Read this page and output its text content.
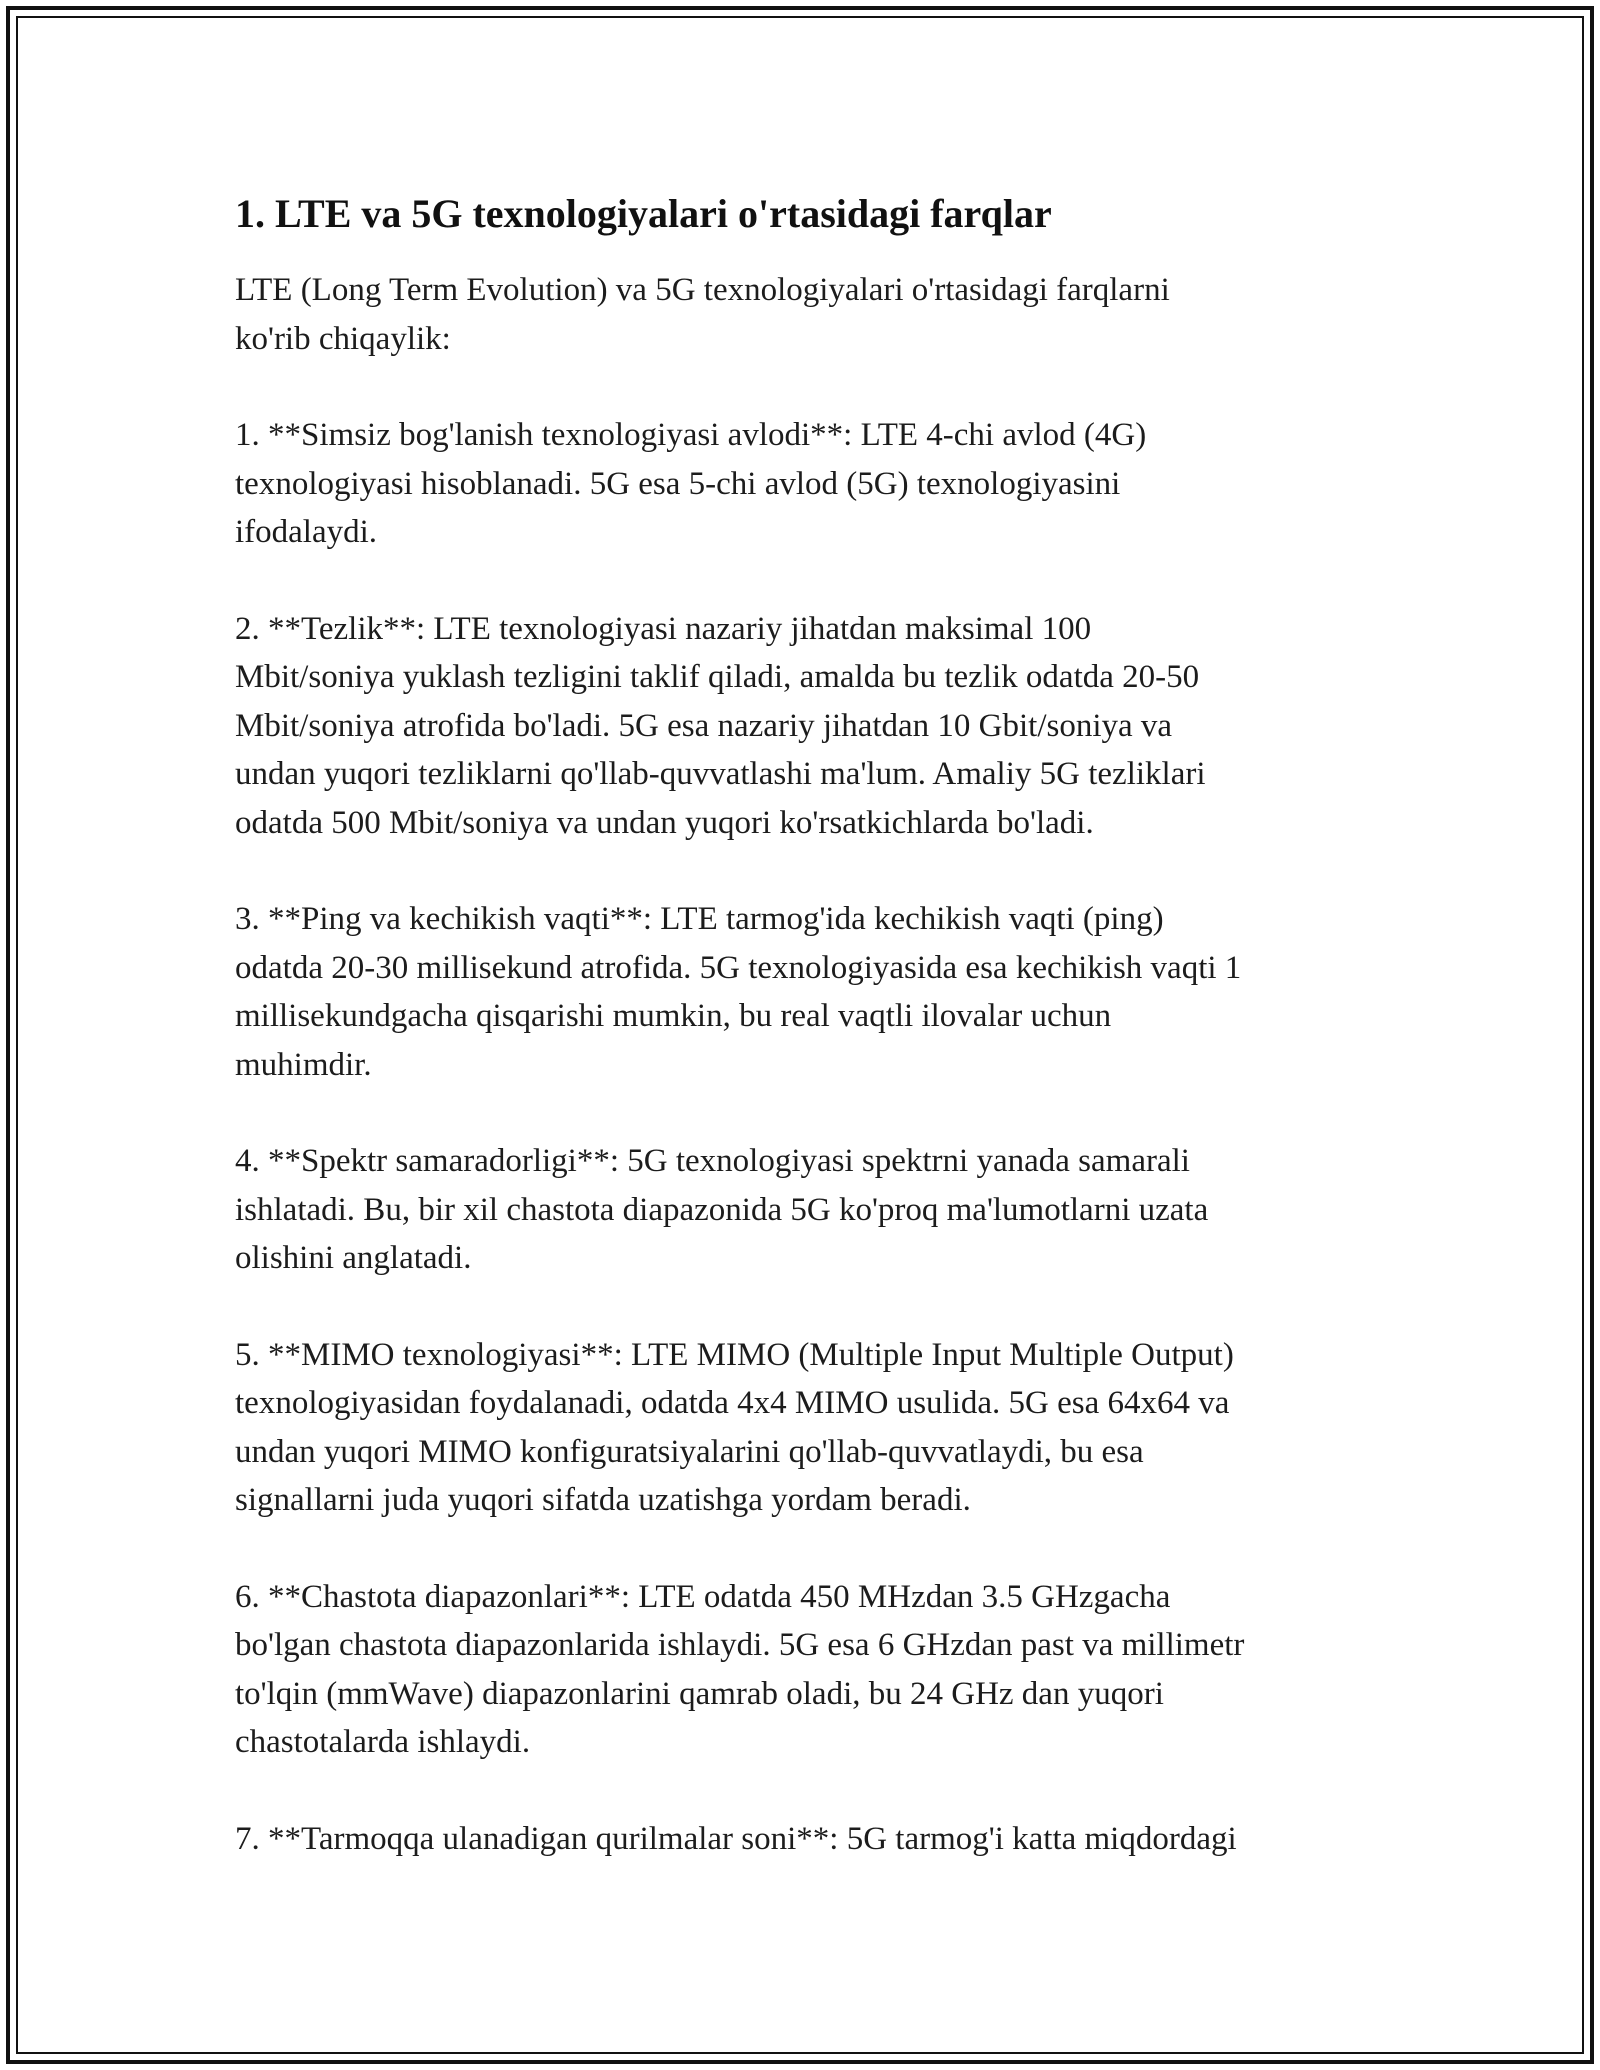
1. LTE va 5G texnologiyalari o'rtasidagi farqlar

LTE (Long Term Evolution) va 5G texnologiyalari o'rtasidagi farqlarni
ko'rib chiqaylik:

1. **Simsiz bog'lanish texnologiyasi avlodi**: LTE 4-chi avlod (4G)
texnologiyasi hisoblanadi. 5G esa 5-chi avlod (5G) texnologiyasini
ifodalaydi.

2. **Tezlik**: LTE texnologiyasi nazariy jihatdan maksimal 100
Mbit/soniya yuklash tezligini taklif qiladi, amalda bu tezlik odatda 20-50
Mbit/soniya atrofida bo'ladi. 5G esa nazariy jihatdan 10 Gbit/soniya va
undan yuqori tezliklarni qo'llab-quvvatlashi ma'lum. Amaliy 5G tezliklari
odatda 500 Mbit/soniya va undan yuqori ko'rsatkichlarda bo'ladi.

3. **Ping va kechikish vaqti**: LTE tarmog'ida kechikish vaqti (ping)
odatda 20-30 millisekund atrofida. 5G texnologiyasida esa kechikish vaqti 1
millisekundgacha qisqarishi mumkin, bu real vaqtli ilovalar uchun
muhimdir.

4. **Spektr samaradorligi**: 5G texnologiyasi spektrni yanada samarali
ishlatadi. Bu, bir xil chastota diapazonida 5G ko'proq ma'lumotlarni uzata
olishini anglatadi.

5. **MIMO texnologiyasi**: LTE MIMO (Multiple Input Multiple Output)
texnologiyasidan foydalanadi, odatda 4x4 MIMO usulida. 5G esa 64x64 va
undan yuqori MIMO konfiguratsiyalarini qo'llab-quvvatlaydi, bu esa
signallarni juda yuqori sifatda uzatishga yordam beradi.

6. **Chastota diapazonlari**: LTE odatda 450 MHzdan 3.5 GHzgacha
bo'lgan chastota diapazonlarida ishlaydi. 5G esa 6 GHzdan past va millimetr
to'lqin (mmWave) diapazonlarini qamrab oladi, bu 24 GHz dan yuqori
chastotalarda ishlaydi.

7. **Tarmoqqa ulanadigan qurilmalar soni**: 5G tarmog'i katta miqdordagi
